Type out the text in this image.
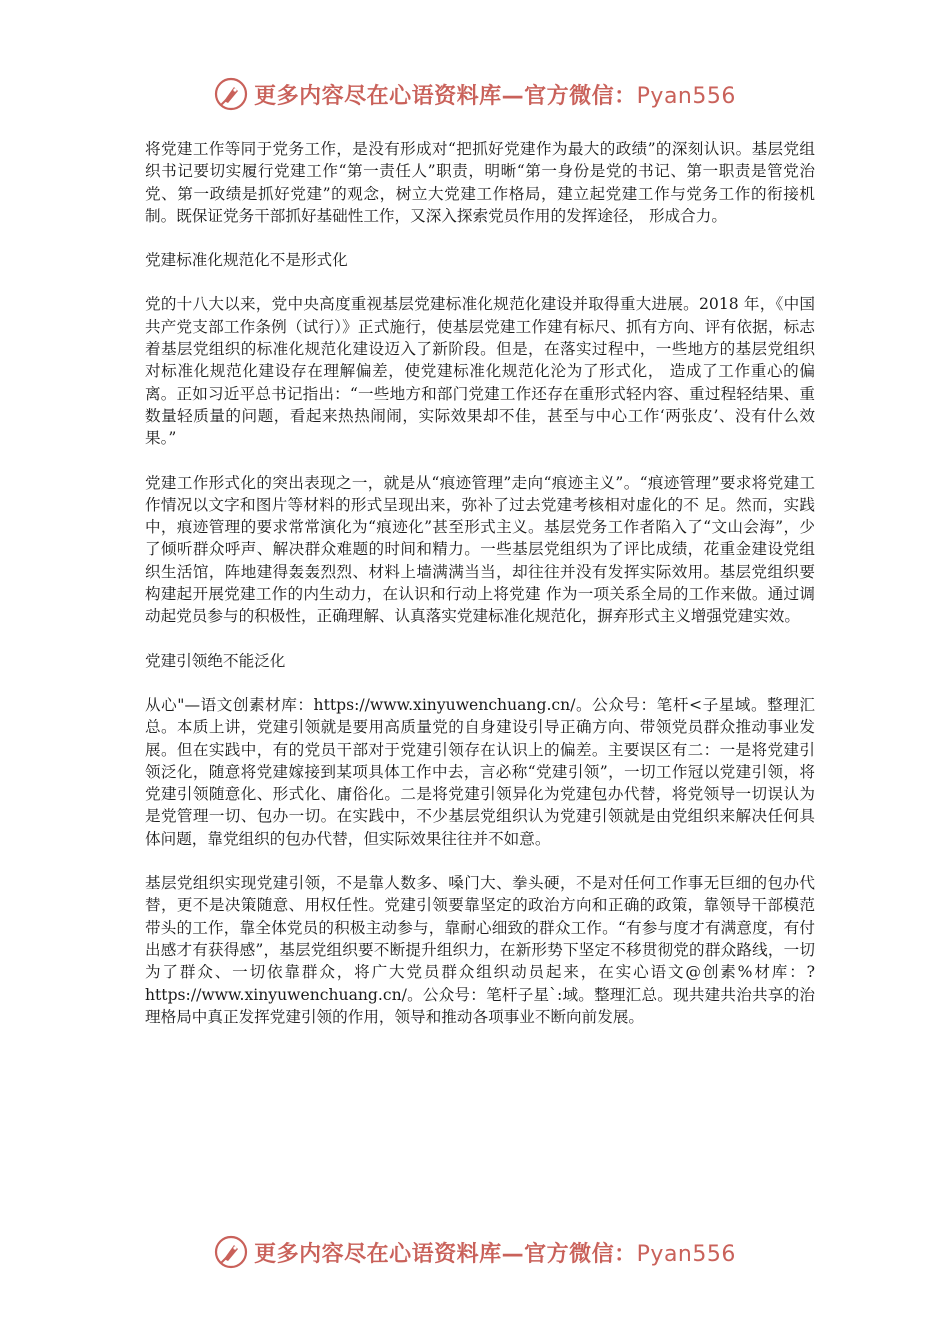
更多内容尽在心语资料库—官方微信：Pyan556

将党建工作等同于党务工作，是没有形成对“把抓好党建作为最大的政绩”的深刻认识。基层党组织书记要切实履行党建工作“第一责任人”职责，明晰“第一身份是党的书记、第一职责是管党治党、第一政绩是抓好党建”的观念，树立大党建工作格局，建立起党建工作与党务工作的衔接机制。既保证党务干部抓好基础性工作，又深入探索党员作用的发挥途径， 形成合力。

党建标准化规范化不是形式化

党的十八大以来，党中央高度重视基层党建标准化规范化建设并取得重大进展。2018 年，《中国共产党支部工作条例（试行）》正式施行，使基层党建工作建有标尺、抓有方向、评有依据，标志着基层党组织的标准化规范化建设迈入了新阶段。但是，在落实过程中，一些地方的基层党组织对标准化规范化建设存在理解偏差，使党建标准化规范化沦为了形式化， 造成了工作重心的偏离。正如习近平总书记指出：“一些地方和部门党建工作还存在重形式轻内容、重过程轻结果、重数量轻质量的问题，看起来热热闹闹，实际效果却不佳，甚至与中心工作‘两张皮’、没有什么效果。”

党建工作形式化的突出表现之一，就是从“痕迹管理”走向“痕迹主义”。“痕迹管理”要求将党建工作情况以文字和图片等材料的形式呈现出来，弥补了过去党建考核相对虚化的不 足。然而，实践中，痕迹管理的要求常常演化为“痕迹化”甚至形式主义。基层党务工作者陷入了“文山会海”，少了倾听群众呼声、解决群众难题的时间和精力。一些基层党组织为了评比成绩，花重金建设党组织生活馆，阵地建得轰轰烈烈、材料上墙满满当当，却往往并没有发挥实际效用。基层党组织要构建起开展党建工作的内生动力，在认识和行动上将党建 作为一项关系全局的工作来做。通过调动起党员参与的积极性，正确理解、认真落实党建标准化规范化，摒弃形式主义增强党建实效。

党建引领绝不能泛化

从心"—语文创素材库：https://www.xinyuwenchuang.cn/。公众号：笔杆<子星域。整理汇总。本质上讲，党建引领就是要用高质量党的自身建设引导正确方向、带领党员群众推动事业发展。但在实践中，有的党员干部对于党建引领存在认识上的偏差。主要误区有二：一是将党建引领泛化，随意将党建嫁接到某项具体工作中去，言必称“党建引领”，一切工作冠以党建引领，将党建引领随意化、形式化、庸俗化。二是将党建引领异化为党建包办代替，将党领导一切误认为是党管理一切、包办一切。在实践中，不少基层党组织认为党建引领就是由党组织来解决任何具体问题，靠党组织的包办代替，但实际效果往往并不如意。

基层党组织实现党建引领，不是靠人数多、嗓门大、拳头硬，不是对任何工作事无巨细的包办代替，更不是决策随意、用权任性。党建引领要靠坚定的政治方向和正确的政策，靠领导干部模范带头的工作，靠全体党员的积极主动参与，靠耐心细致的群众工作。“有参与度才有满意度，有付出感才有获得感”，基层党组织要不断提升组织力，在新形势下坚定不移贯彻党的群众路线，一切为了群众、一切依靠群众，将广大党员群众组织动员起来，在实心语文@创素%材库：?https://www.xinyuwenchuang.cn/。公众号：笔杆子星`:域。整理汇总。现共建共治共享的治理格局中真正发挥党建引领的作用，领导和推动各项事业不断向前发展。

更多内容尽在心语资料库—官方微信：Pyan556
